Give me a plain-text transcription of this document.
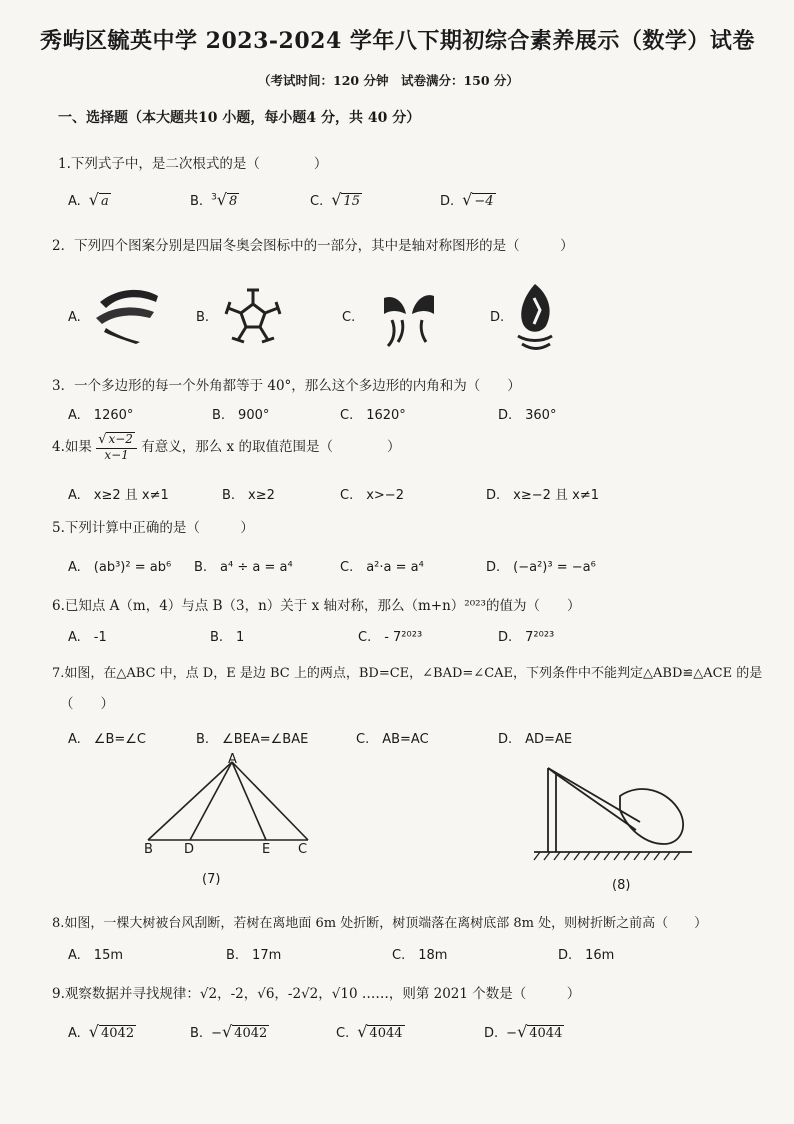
秀屿区毓英中学 2023-2024 学年八下期初综合素养展示（数学）试卷
（考试时间：120 分钟　试卷满分：150 分）
一、选择题（本大题共10 小题，每小题4 分，共 40 分）
1.下列式子中，是二次根式的是（　　　　）
A. √ a	B. $^3$√ 8	C. √ 15	D. √ −4
2．下列四个图案分别是四届冬奥会图标中的一部分，其中是轴对称图形的是（　　　）
A.	B.	C.	D.
3．一个多边形的每一个外角都等于 40°，那么这个多边形的内角和为（　　）
A.　1260°	B.　900°	C.　1620°	D.　360°
4.如果 $\frac{√ x-2}{x-1}$ 有意义，那么 x 的取值范围是（　　　　）
A.　x≥2 且 x≠1	B.　x≥2	C.　x>−2	D.　x≥−2 且 x≠1
5.下列计算中正确的是（　　　）
A.　(ab³)² = ab⁶ B.　a⁴ ÷ a = a⁴	C.　a²·a = a⁴	D.　(−a²)³ = −a⁶
6.已知点 A（m，4）与点 B（3，n）关于 x 轴对称，那么（m+n）²⁰²³的值为（　　）
A.　-1	B.　1	C.　- 7²⁰²³	D.　7²⁰²³
7.如图，在△ABC 中，点 D，E 是边 BC 上的两点，BD=CE，∠BAD=∠CAE，下列条件中不能判定△ABD≌△ACE 的是
（　　）
A.　∠B=∠C	B.　∠BEA=∠BAE	C.　AB=AC	D.　AD=AE
A
B D	E C
(7)	(8)
8.如图，一棵大树被台风刮断，若树在离地面 6m 处折断，树顶端落在离树底部 8m 处，则树折断之前高（　　）
A.　15m	B.　17m	C.　18m	D.　16m
9.观察数据并寻找规律：√2，-2，√6，-2√2，√10 ……，则第 2021 个数是（　　　）
A. √ 4042	B. −√ 4042	C. √ 4044	D. −√ 4044
